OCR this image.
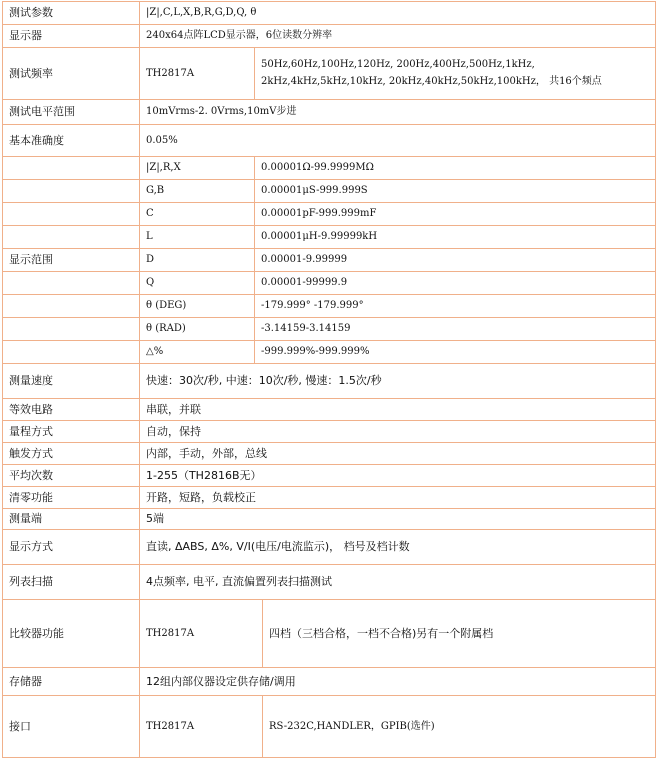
测试参数	|Z|,C,L,X,B,R,G,D,Q, θ		
显示器	240x64点阵LCD显示器，6位读数分辨率		
测试频率	TH2817A	50Hz,60Hz,100Hz,120Hz, 200Hz,400Hz,500Hz,1kHz,
2kHz,4kHz,5kHz,10kHz, 20kHz,40kHz,50kHz,100kHz， 共16个频点	

测试电平范围	10mVrms-2. 0Vrms,10mV步进		
基本准确度	0.05%		
	|Z|,R,X	0.00001Ω-99.9999MΩ	
	G,B	0.00001μS-999.999S	
	C	0.00001pF-999.999mF	
	L	0.00001μH-9.99999kH	
显示范围	D	0.00001-9.99999	
	Q	0.00001-99999.9	
	θ (DEG)	-179.999° -179.999°	
	θ (RAD)	-3.14159-3.14159	
	△%	-999.999%-999.999%	
测量速度	快速：30次/秒, 中速：10次/秒, 慢速：1.5次/秒		
等效电路	串联，并联		
量程方式	自动，保持		
触发方式	内部，手动，外部，总线		
平均次数	1-255（TH2816B无）		
清零功能	开路，短路，负载校正		
测量端	5端		
显示方式	直读, ΔABS, Δ%, V/I(电压/电流监示)， 档号及档计数		
列表扫描	4点频率, 电平, 直流偏置列表扫描测试		
比较器功能	TH2817A		四档（三档合格，一档不合格)另有一个附属档
存储器	12组内部仪器设定供存储/调用		
接口	TH2817A		RS-232C,HANDLER，GPIB(选件)
